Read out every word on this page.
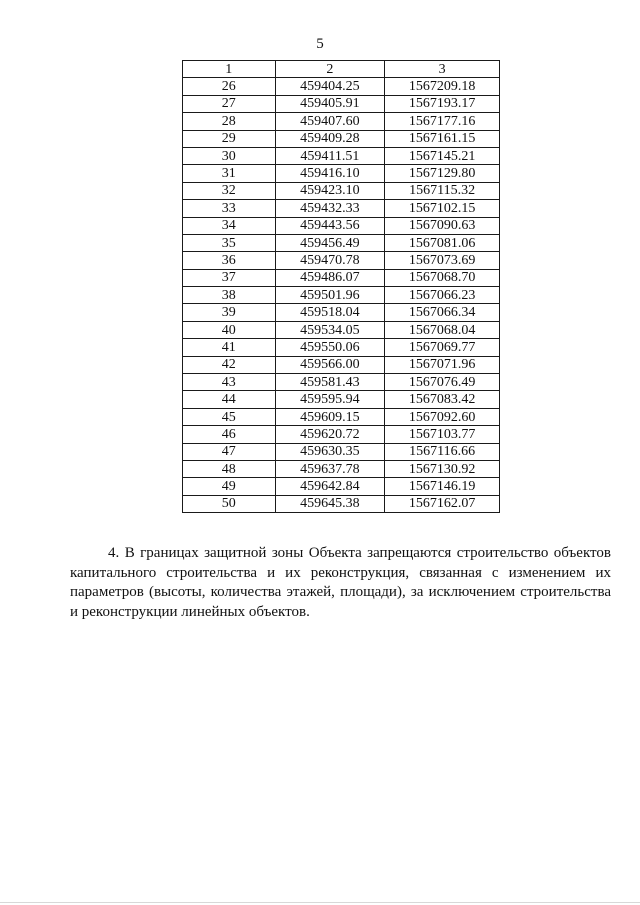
5
1	2	3
26	459404.25	1567209.18
27	459405.91	1567193.17
28	459407.60	1567177.16
29	459409.28	1567161.15
30	459411.51	1567145.21
31	459416.10	1567129.80
32	459423.10	1567115.32
33	459432.33	1567102.15
34	459443.56	1567090.63
35	459456.49	1567081.06
36	459470.78	1567073.69
37	459486.07	1567068.70
38	459501.96	1567066.23
39	459518.04	1567066.34
40	459534.05	1567068.04
41	459550.06	1567069.77
42	459566.00	1567071.96
43	459581.43	1567076.49
44	459595.94	1567083.42
45	459609.15	1567092.60
46	459620.72	1567103.77
47	459630.35	1567116.66
48	459637.78	1567130.92
49	459642.84	1567146.19
50	459645.38	1567162.07

4. В границах защитной зоны Объекта запрещаются строительство объектов капитального строительства и их реконструкция, связанная с изменением их параметров (высоты, количества этажей, площади), за исключением строительства и реконструкции линейных объектов.
